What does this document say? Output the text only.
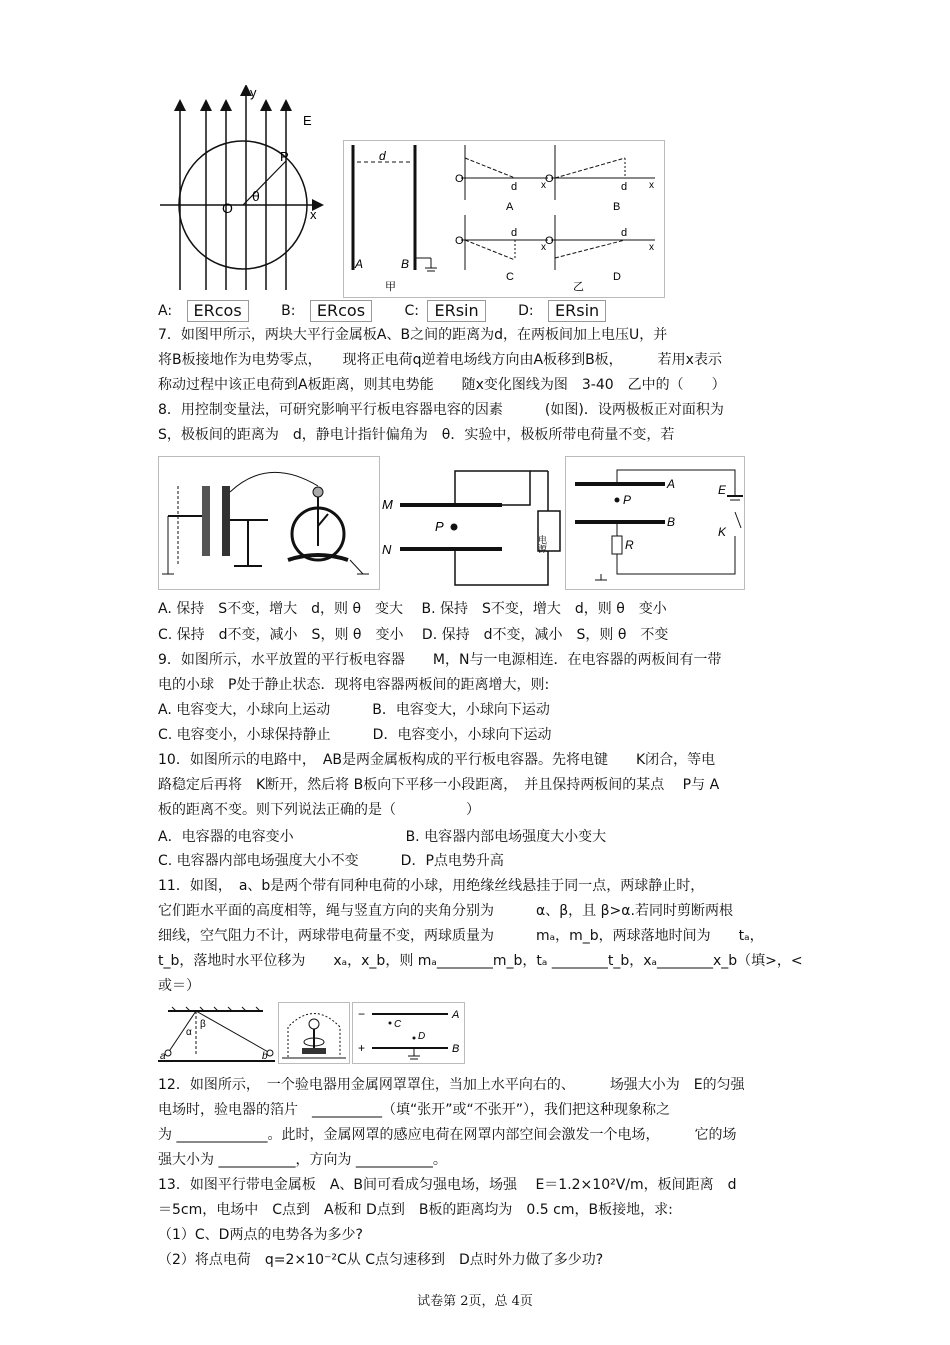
y
E
P
O
θ
x
d
A	B
甲	乙
O
d x
A
O
d x
B
O
d
x
C
O
d
x
D
A: ERcos	B: ERcos	C: ERsin	D: ERsin
7．如图甲所示，两块大平行金属板A、B之间的距离为d，在两板间加上电压U，并
将B板接地作为电势零点，　　现将正电荷q逆着电场线方向由A板移到B板，　　　若用x表示
称动过程中该正电荷到A板距离，则其电势能　　随x变化图线为图　3-40　乙中的（　　）
8．用控制变量法，可研究影响平行板电容器电容的因素　　　(如图)．设两极板正对面积为
S，极板间的距离为　d，静电计指针偏角为　θ．实验中，极板所带电荷量不变，若
M
N
P
电源
A
B
P
R
E
K
A. 保持　S不变，增大　d，则 θ　变大　 B. 保持　S不变，增大　d，则 θ　变小
C. 保持　d不变，减小　S，则 θ　变小　 D. 保持　d不变，减小　S，则 θ　不变
9．如图所示，水平放置的平行板电容器　　M，N与一电源相连．在电容器的两板间有一带
电的小球　P处于静止状态．现将电容器两板间的距离增大，则:
A. 电容变大，小球向上运动　　　B．电容变大，小球向下运动
C. 电容变小，小球保持静止　　　D．电容变小，小球向下运动
10．如图所示的电路中，　AB是两金属板构成的平行板电容器。先将电键　　K闭合，等电
路稳定后再将　K断开，然后将 B板向下平移一小段距离，　并且保持两板间的某点　 P与 A
板的距离不变。则下列说法正确的是（　　　　　）
A．电容器的电容变小　　　　　　　　B. 电容器内部电场强度大小变大
C. 电容器内部电场强度大小不变　　　D．P点电势升高
11．如图，　a、b是两个带有同种电荷的小球，用绝缘丝线悬挂于同一点，两球静止时，
它们距水平面的高度相等，绳与竖直方向的夹角分别为　　　α、β，且 β>α.若同时剪断两根
细线，空气阻力不计，两球带电荷量不变，两球质量为　　　mₐ，m_b，两球落地时间为　　tₐ，
t_b，落地时水平位移为　　xₐ，x_b，则 mₐ________m_b，tₐ ________t_b，xₐ________x_b（填>，<
或＝）
α
β
a	b
−
+
C
D
A
B
12．如图所示，　一个验电器用金属网罩罩住，当加上水平向右的、　　　场强大小为　E的匀强
电场时，验电器的箔片　__________（填“张开”或“不张开”），我们把这种现象称之
为 _____________。此时，金属网罩的感应电荷在网罩内部空间会激发一个电场，　　　它的场
强大小为 ___________，方向为 ___________。
13．如图平行带电金属板　A、B间可看成匀强电场，场强　 E＝1.2×10²V/m，板间距离　d
＝5cm，电场中　C点到　A板和 D点到　B板的距离均为　0.5 cm，B板接地，求:
（1）C、D两点的电势各为多少?
（2）将点电荷　q=2×10⁻²C从 C点匀速移到　D点时外力做了多少功?
试卷第 2页，总 4页
